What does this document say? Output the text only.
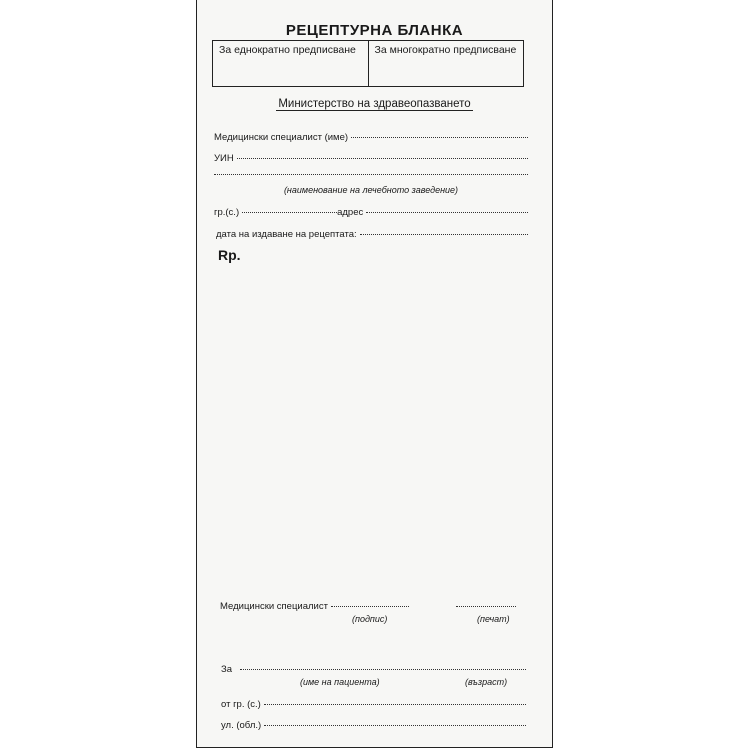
РЕЦЕПТУРНА БЛАНКА
За еднократно предписване	За многократно предписване
Министерство на здравеопазването
Медицински специалист (име)
УИН
(наименование на лечебното заведение)
гр.(с.)	адрес
дата на издаване на рецептата:
Rp.
Медицински специалист
(подпис)	(печат)
За
(име на пациента)	(възраст)
от гр. (с.)
ул. (обл.)
